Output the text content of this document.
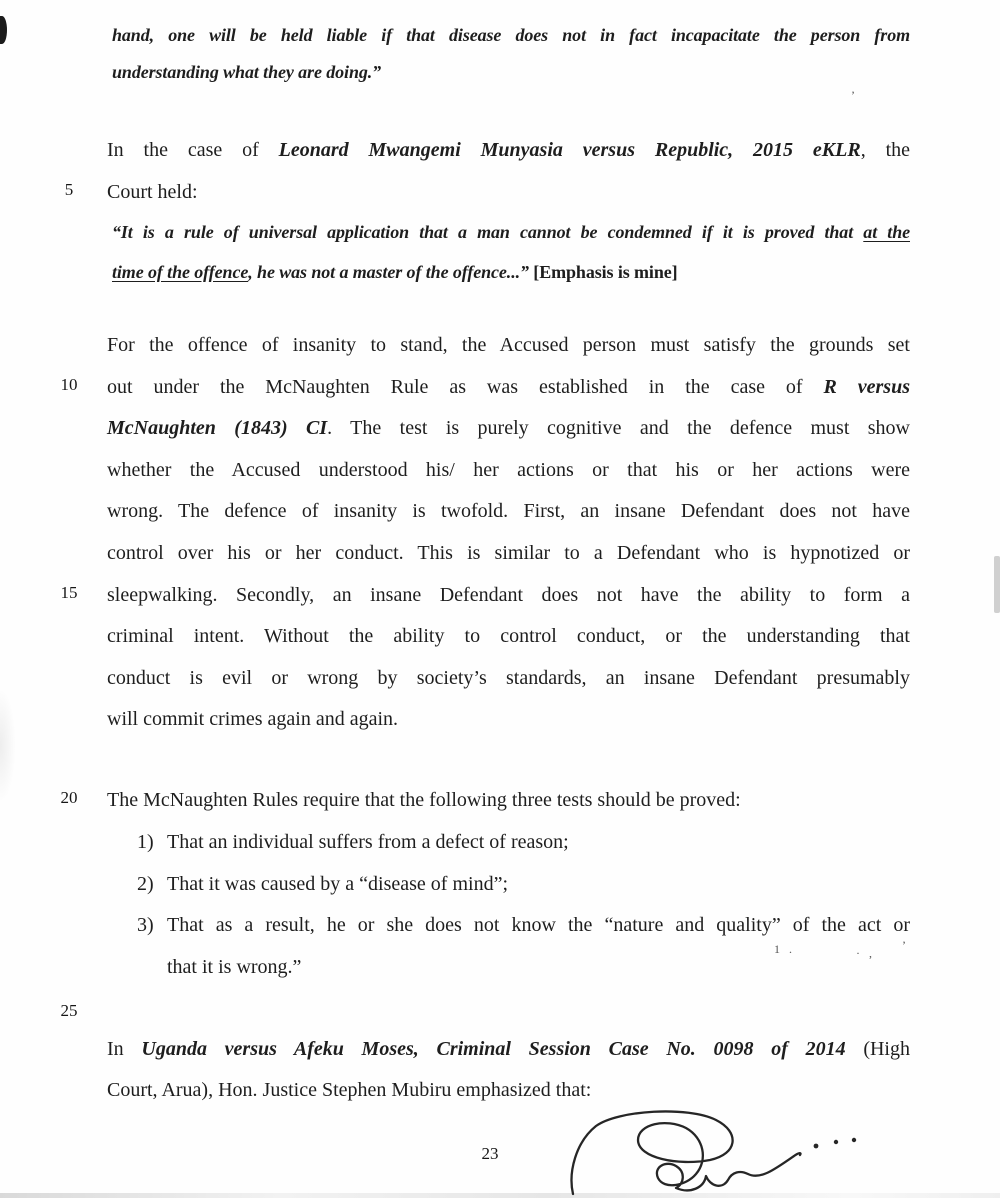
hand, one will be held liable if that disease does not in fact incapacitate the person from
understanding what they are doing.”
In the case of Leonard Mwangemi Munyasia versus Republic, 2015 eKLR, the
5	Court held:
“It is a rule of universal application that a man cannot be condemned if it is proved that at the
time of the offence, he was not a master of the offence...” [Emphasis is mine]
For the offence of insanity to stand, the Accused person must satisfy the grounds set
10	out under the McNaughten Rule as was established in the case of R versus
McNaughten (1843) CI. The test is purely cognitive and the defence must show
whether the Accused understood his/ her actions or that his or her actions were
wrong. The defence of insanity is twofold. First, an insane Defendant does not have
control over his or her conduct. This is similar to a Defendant who is hypnotized or
15	sleepwalking. Secondly, an insane Defendant does not have the ability to form a
criminal intent. Without the ability to control conduct, or the understanding that
conduct is evil or wrong by society’s standards, an insane Defendant presumably
will commit crimes again and again.
20	The McNaughten Rules require that the following three tests should be proved:
1) That an individual suffers from a defect of reason;
2) That it was caused by a “disease of mind”;
3) That as a result, he or she does not know the “nature and quality” of the act or
that it is wrong.”
25
In Uganda versus Afeku Moses, Criminal Session Case No. 0098 of 2014 (High
Court, Arua), Hon. Justice Stephen Mubiru emphasized that:
1 .	· ,
’
’
23
